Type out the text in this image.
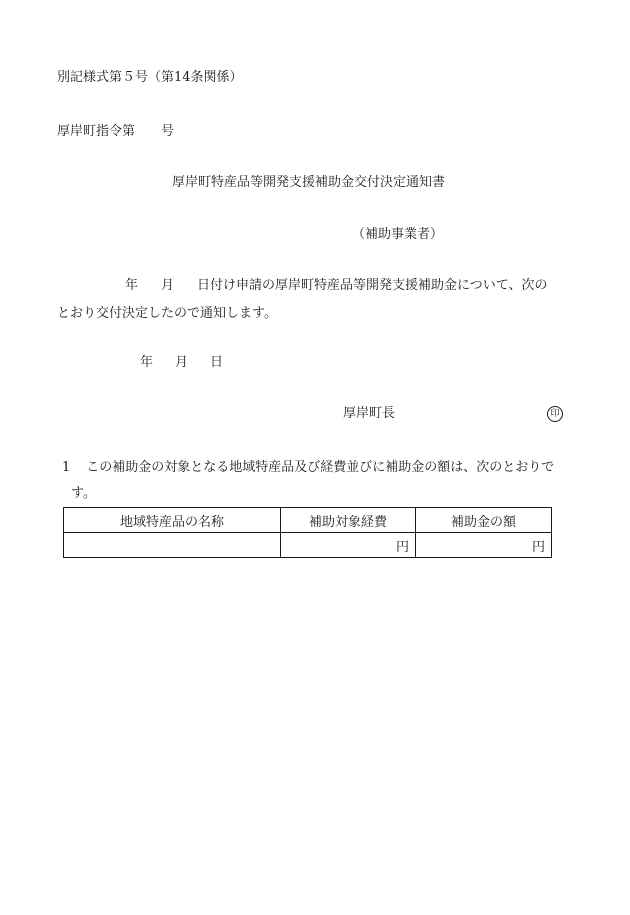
別記様式第５号（第14条関係）
厚岸町指令第　　号
厚岸町特産品等開発支援補助金交付決定通知書
（補助事業者）
年 月 日付け申請の厚岸町特産品等開発支援補助金について、次の
とおり交付決定したので通知します。
年 月 日
厚岸町長	印
1 この補助金の対象となる地域特産品及び経費並びに補助金の額は、次のとおりで
す。
地域特産品の名称	補助対象経費	補助金の額
	円	円
